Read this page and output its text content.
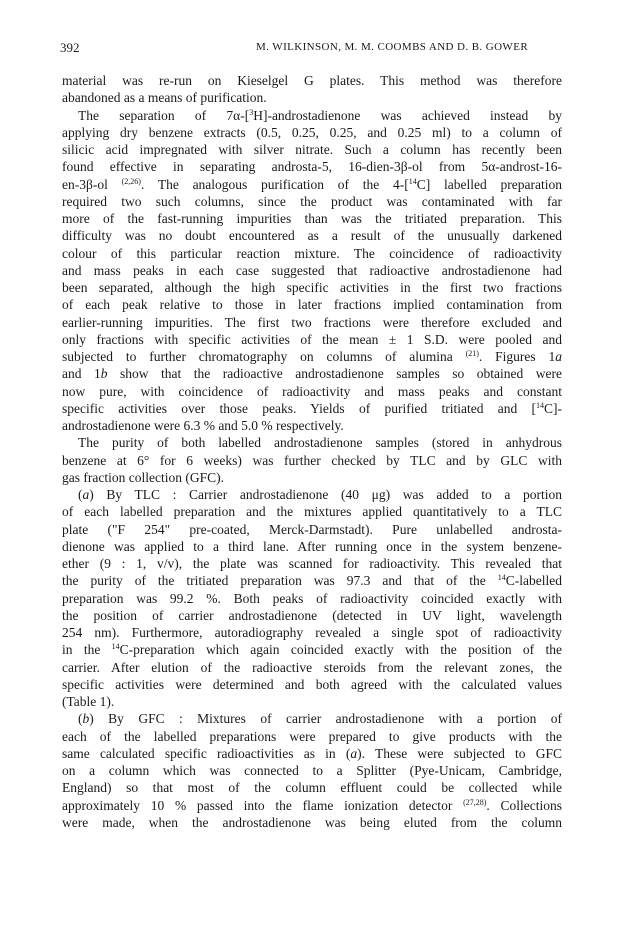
392	M. WILKINSON, M. M. COOMBS AND D. B. GOWER
material was re-run on Kieselgel G plates. This method was therefore
abandoned as a means of purification.
The separation of 7α-[$^3$H]-androstadienone was achieved instead by
applying dry benzene extracts (0.5, 0.25, 0.25, and 0.25 ml) to a column of
silicic acid impregnated with silver nitrate. Such a column has recently been
found effective in separating androsta-5, 16-dien-3β-ol from 5α-androst-16-
en-3β-ol $^{(2,26)}$. The analogous purification of the 4-[$^{14}$C] labelled preparation
required two such columns, since the product was contaminated with far
more of the fast-running impurities than was the tritiated preparation. This
difficulty was no doubt encountered as a result of the unusually darkened
colour of this particular reaction mixture. The coincidence of radioactivity
and mass peaks in each case suggested that radioactive androstadienone had
been separated, although the high specific activities in the first two fractions
of each peak relative to those in later fractions implied contamination from
earlier-running impurities. The first two fractions were therefore excluded and
only fractions with specific activities of the mean ± 1 S.D. were pooled and
subjected to further chromatography on columns of alumina $^{(21)}$. Figures 1a
and 1b show that the radioactive androstadienone samples so obtained were
now pure, with coincidence of radioactivity and mass peaks and constant
specific activities over those peaks. Yields of purified tritiated and [$^{14}$C]-
androstadienone were 6.3 % and 5.0 % respectively.
The purity of both labelled androstadienone samples (stored in anhydrous
benzene at 6° for 6 weeks) was further checked by TLC and by GLC with
gas fraction collection (GFC).
(a) By TLC : Carrier androstadienone (40 μg) was added to a portion
of each labelled preparation and the mixtures applied quantitatively to a TLC
plate ("F 254" pre-coated, Merck-Darmstadt). Pure unlabelled androsta-
dienone was applied to a third lane. After running once in the system benzene-
ether (9 : 1, v/v), the plate was scanned for radioactivity. This revealed that
the purity of the tritiated preparation was 97.3 and that of the $^{14}$C-labelled
preparation was 99.2 %. Both peaks of radioactivity coincided exactly with
the position of carrier androstadienone (detected in UV light, wavelength
254 nm). Furthermore, autoradiography revealed a single spot of radioactivity
in the $^{14}$C-preparation which again coincided exactly with the position of the
carrier. After elution of the radioactive steroids from the relevant zones, the
specific activities were determined and both agreed with the calculated values
(Table 1).
(b) By GFC : Mixtures of carrier androstadienone with a portion of
each of the labelled preparations were prepared to give products with the
same calculated specific radioactivities as in (a). These were subjected to GFC
on a column which was connected to a Splitter (Pye-Unicam, Cambridge,
England) so that most of the column effluent could be collected while
approximately 10 % passed into the flame ionization detector $^{(27,28)}$. Collections
were made, when the androstadienone was being eluted from the column
